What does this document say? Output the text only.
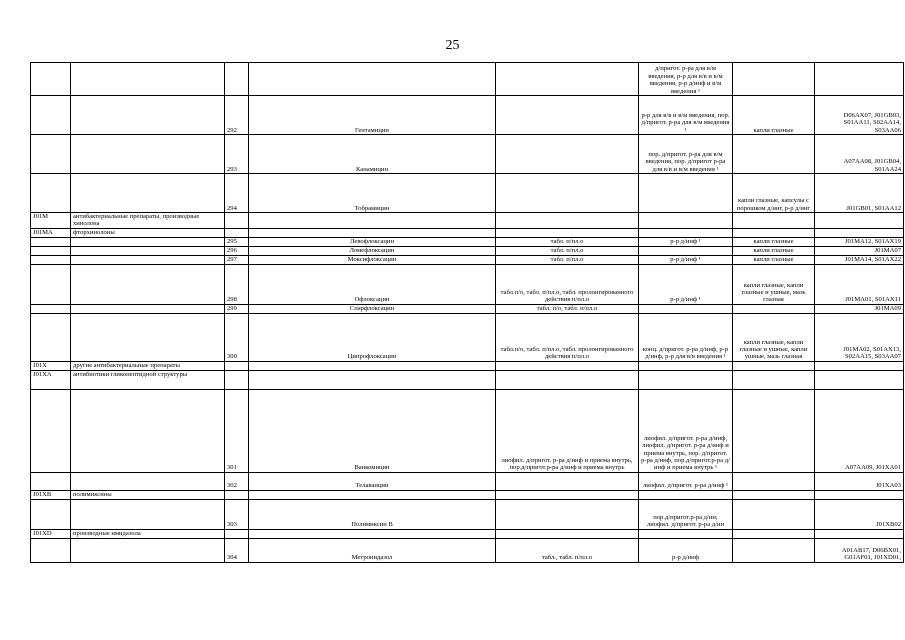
25
					д/пригот. р-ра для в/м введения, р-р для в/в и в/м введения, р-р д/инф и в/м введения ¹		
		292	Гентамицин		р-р для в/в и в/м введения, пор. д/пригот. р-ра для в/м введения ¹	капли глазные	D06AX07, J01GB03, S01AA11, S02AA14, S03AA06
		293	Канамицин		пор. д/пригот. р-ра для в/м введения, пор. д/пригот р-ра для в/в и в/м введения ¹		A07AA08, J01GB04, S01AA24
		294	Тобрамицин			капли глазные, капсулы с порошком д/инг, р-р д/инг	J01GB01, S01AA12
J01M	антибактериальные препараты, производные хинолона						
J01MA	фторхинолоны						
		295	Левофлоксацин	табл. п/пл.о	р-р д/инф ¹	капли глазные	J01MA12, S01AX19
		296	Ломефлоксацин	табл. п/пл.о		капли глазные	J01MA07
		297	Моксифлоксацин	табл. п/пл.о	р-р д/инф ¹	капли глазные	J01MA14, S01AX22
		298	Офлоксацин	табл.п/о, табл. п/пл.о, табл. пролонгированного действия п/пл.о	р-р д/инф ¹	капли глазные, капли глазные и ушные, мазь глазная	J01MA01, S01AX11
		299	Спарфлоксацин	табл. п/о, табл. п/пл.о			J01MA09
		300	Ципрофлоксацин	табл.п/о, табл. п/пл.о, табл. пролонгированного действия п/пл.о	конц. д/пригот. р-ра д/инф, р-р д/инф, р-р для в/в введения ¹	капли глазные, капли глазные и ушные, капли ушные, мазь глазная	J01MA02, S01AX13, S02AA15, S03AA07
J01X	другие антибактериальные препараты						
J01XA	антибиотики гликопептидной структуры						
		301	Ванкомицин	лиофил. д/пригот. р-ра д/инф и приема внутрь, пор.д/пригот.р-ра д/инф и приема внутрь	лиофил. д/пригот. р-ра д/инф, лиофил. д/пригот. р-ра д/инф и приема внутрь, пор. д/пригот. р-ра д/инф, пор.д/пригот.р-ра д/инф и приема внутрь ¹		A07AA09, J01XA01
		302	Телаванцин		лиофил. д/пригот. р-ра д/инф ¹		J01XA03
J01XB	полимиксины						
		303	Полимиксин В		пор.д/пригот.р-ра д/ин; лиофил. д/пригот. р-ра д/ин		J01XB02
J01XD	производные имидазола						
		304	Метронидазол	табл., табл. п/пл.о	р-р д/инф		A01AB17, D06BX01, G01AF01, J01XD01,
